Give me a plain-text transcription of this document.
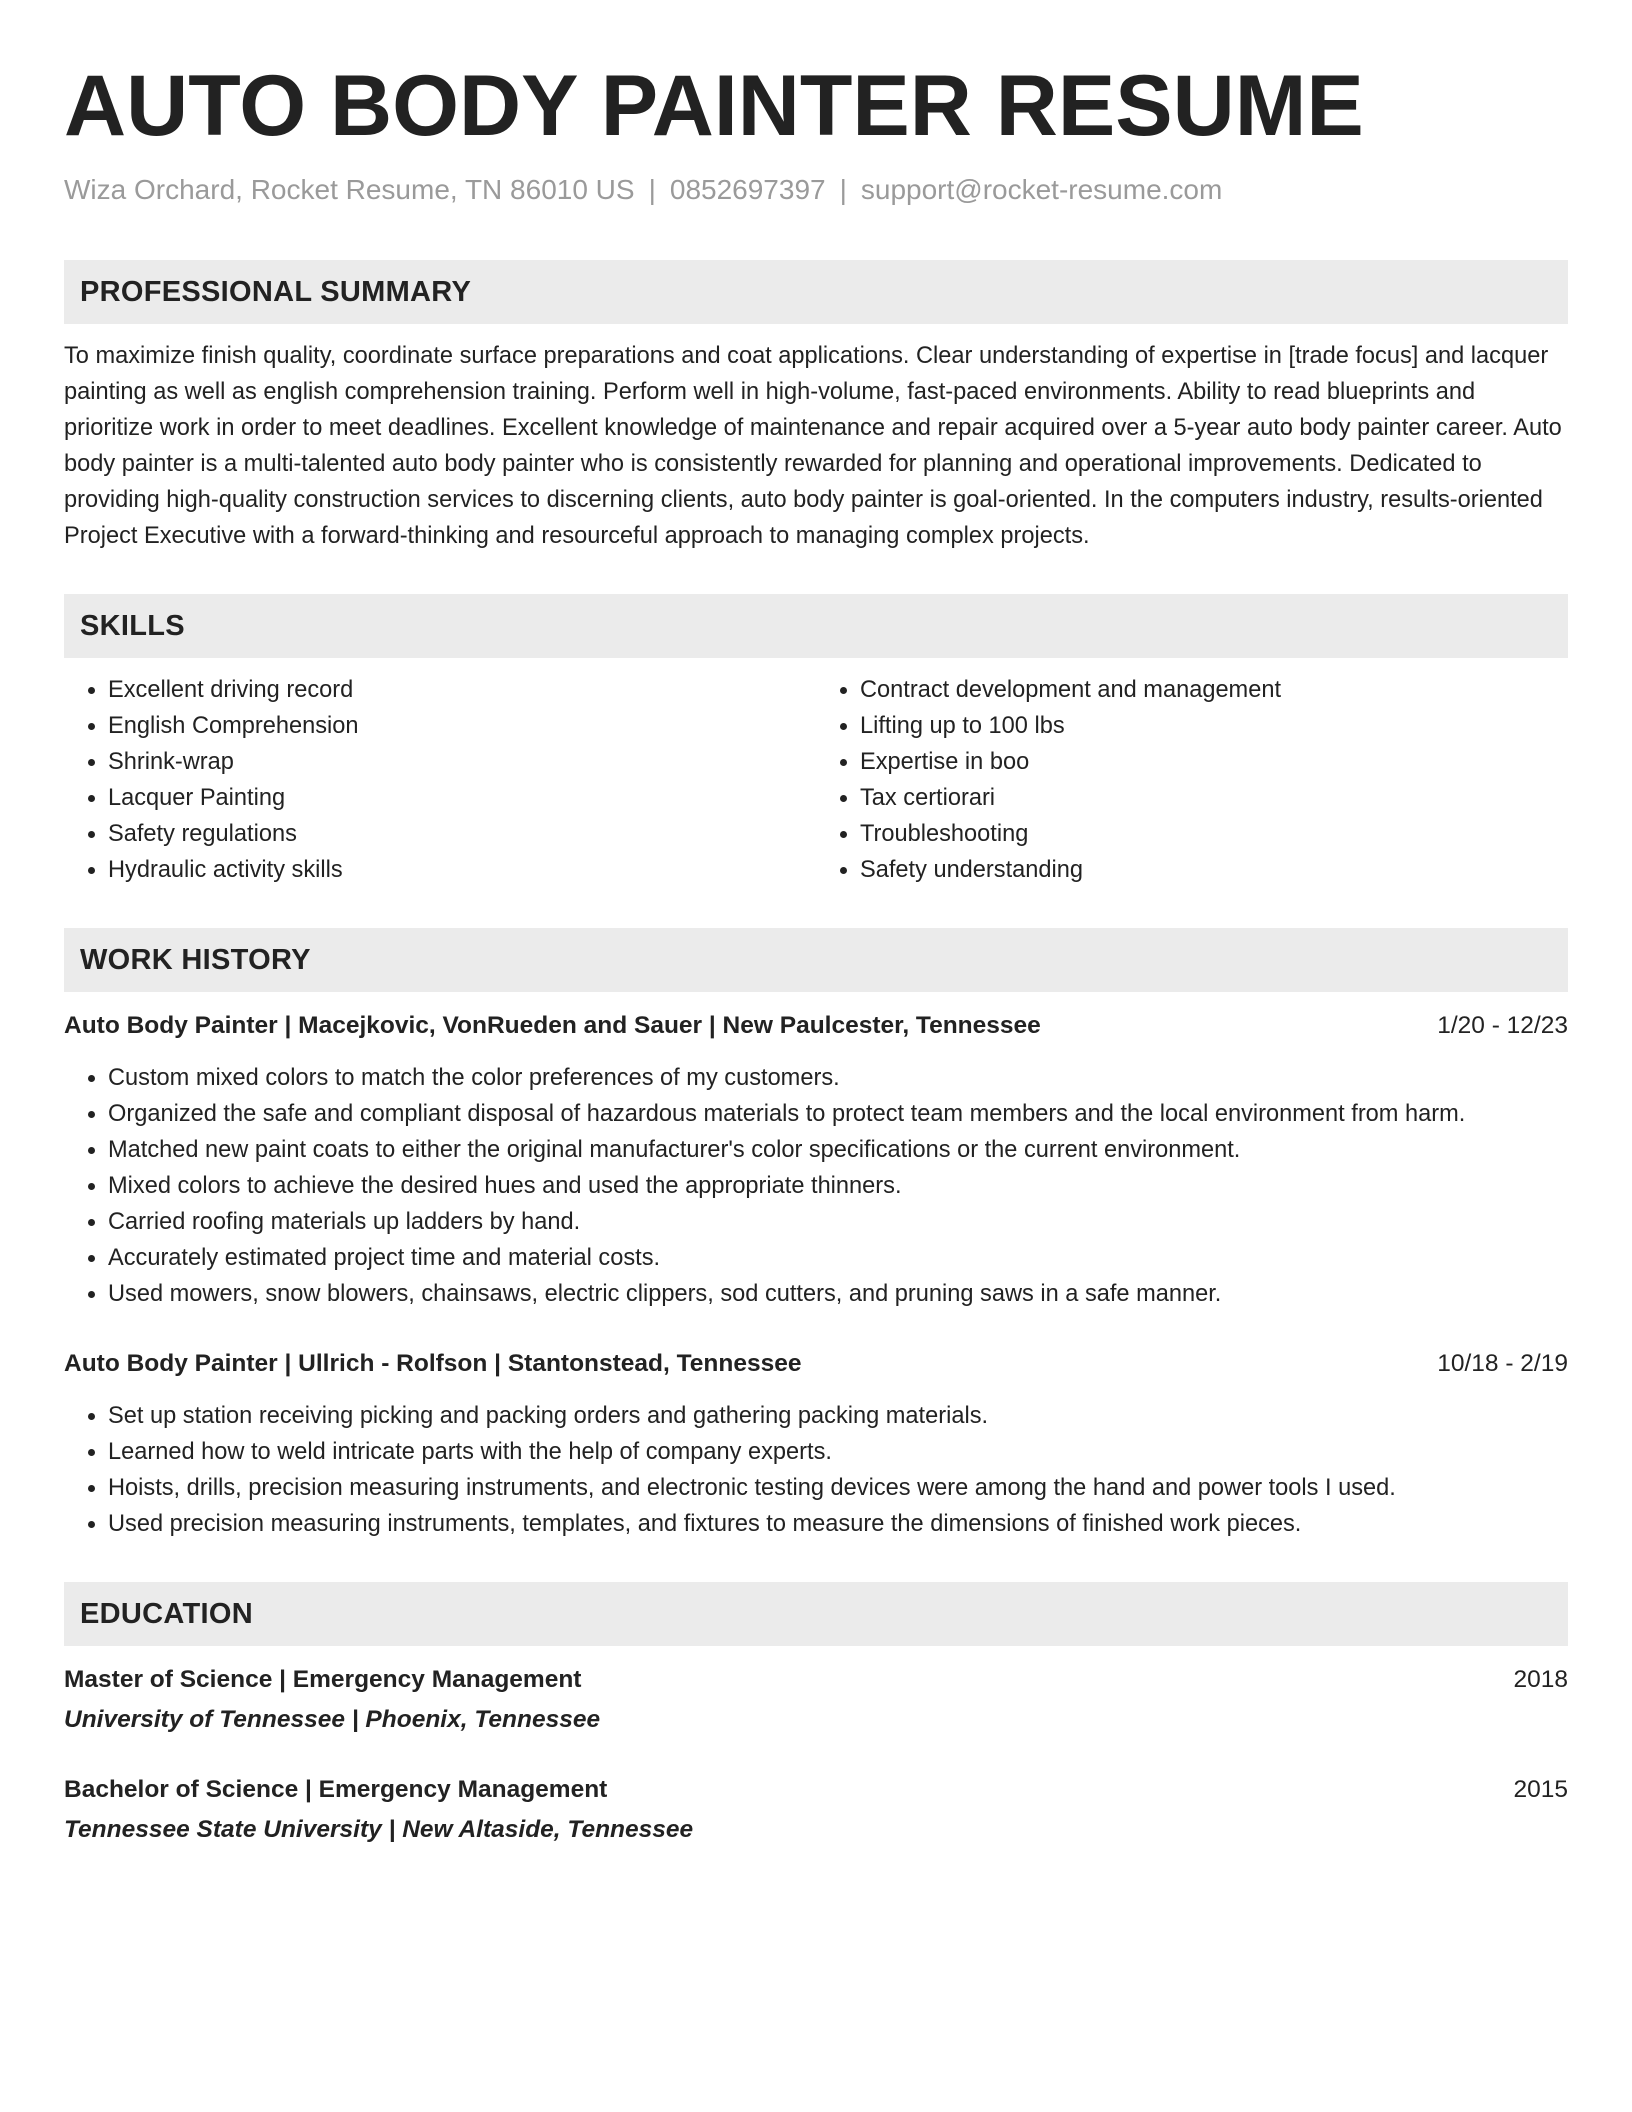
AUTO BODY PAINTER RESUME
Wiza Orchard, Rocket Resume, TN 86010 US | 0852697397 | support@rocket-resume.com
PROFESSIONAL SUMMARY

To maximize finish quality, coordinate surface preparations and coat applications. Clear understanding of expertise in [trade focus] and lacquer painting as well as english comprehension training. Perform well in high-volume, fast-paced environments. Ability to read blueprints and prioritize work in order to meet deadlines. Excellent knowledge of maintenance and repair acquired over a 5-year auto body painter career. Auto body painter is a multi-talented auto body painter who is consistently rewarded for planning and operational improvements. Dedicated to providing high-quality construction services to discerning clients, auto body painter is goal-oriented. In the computers industry, results-oriented Project Executive with a forward-thinking and resourceful approach to managing complex projects.

SKILLS
• Excellent driving record
• English Comprehension
• Shrink-wrap
• Lacquer Painting
• Safety regulations
• Hydraulic activity skills
• Contract development and management
• Lifting up to 100 lbs
• Expertise in boo
• Tax certiorari
• Troubleshooting
• Safety understanding
WORK HISTORY
Auto Body Painter | Macejkovic, VonRueden and Sauer | New Paulcester, Tennessee	1/20 - 12/23
• Custom mixed colors to match the color preferences of my customers.
• Organized the safe and compliant disposal of hazardous materials to protect team members and the local environment from harm.
• Matched new paint coats to either the original manufacturer's color specifications or the current environment.
• Mixed colors to achieve the desired hues and used the appropriate thinners.
• Carried roofing materials up ladders by hand.
• Accurately estimated project time and material costs.
• Used mowers, snow blowers, chainsaws, electric clippers, sod cutters, and pruning saws in a safe manner.
Auto Body Painter | Ullrich - Rolfson | Stantonstead, Tennessee	10/18 - 2/19
• Set up station receiving picking and packing orders and gathering packing materials.
• Learned how to weld intricate parts with the help of company experts.
• Hoists, drills, precision measuring instruments, and electronic testing devices were among the hand and power tools I used.
• Used precision measuring instruments, templates, and fixtures to measure the dimensions of finished work pieces.
EDUCATION
Master of Science | Emergency Management	2018
University of Tennessee | Phoenix, Tennessee
Bachelor of Science | Emergency Management	2015
Tennessee State University | New Altaside, Tennessee
